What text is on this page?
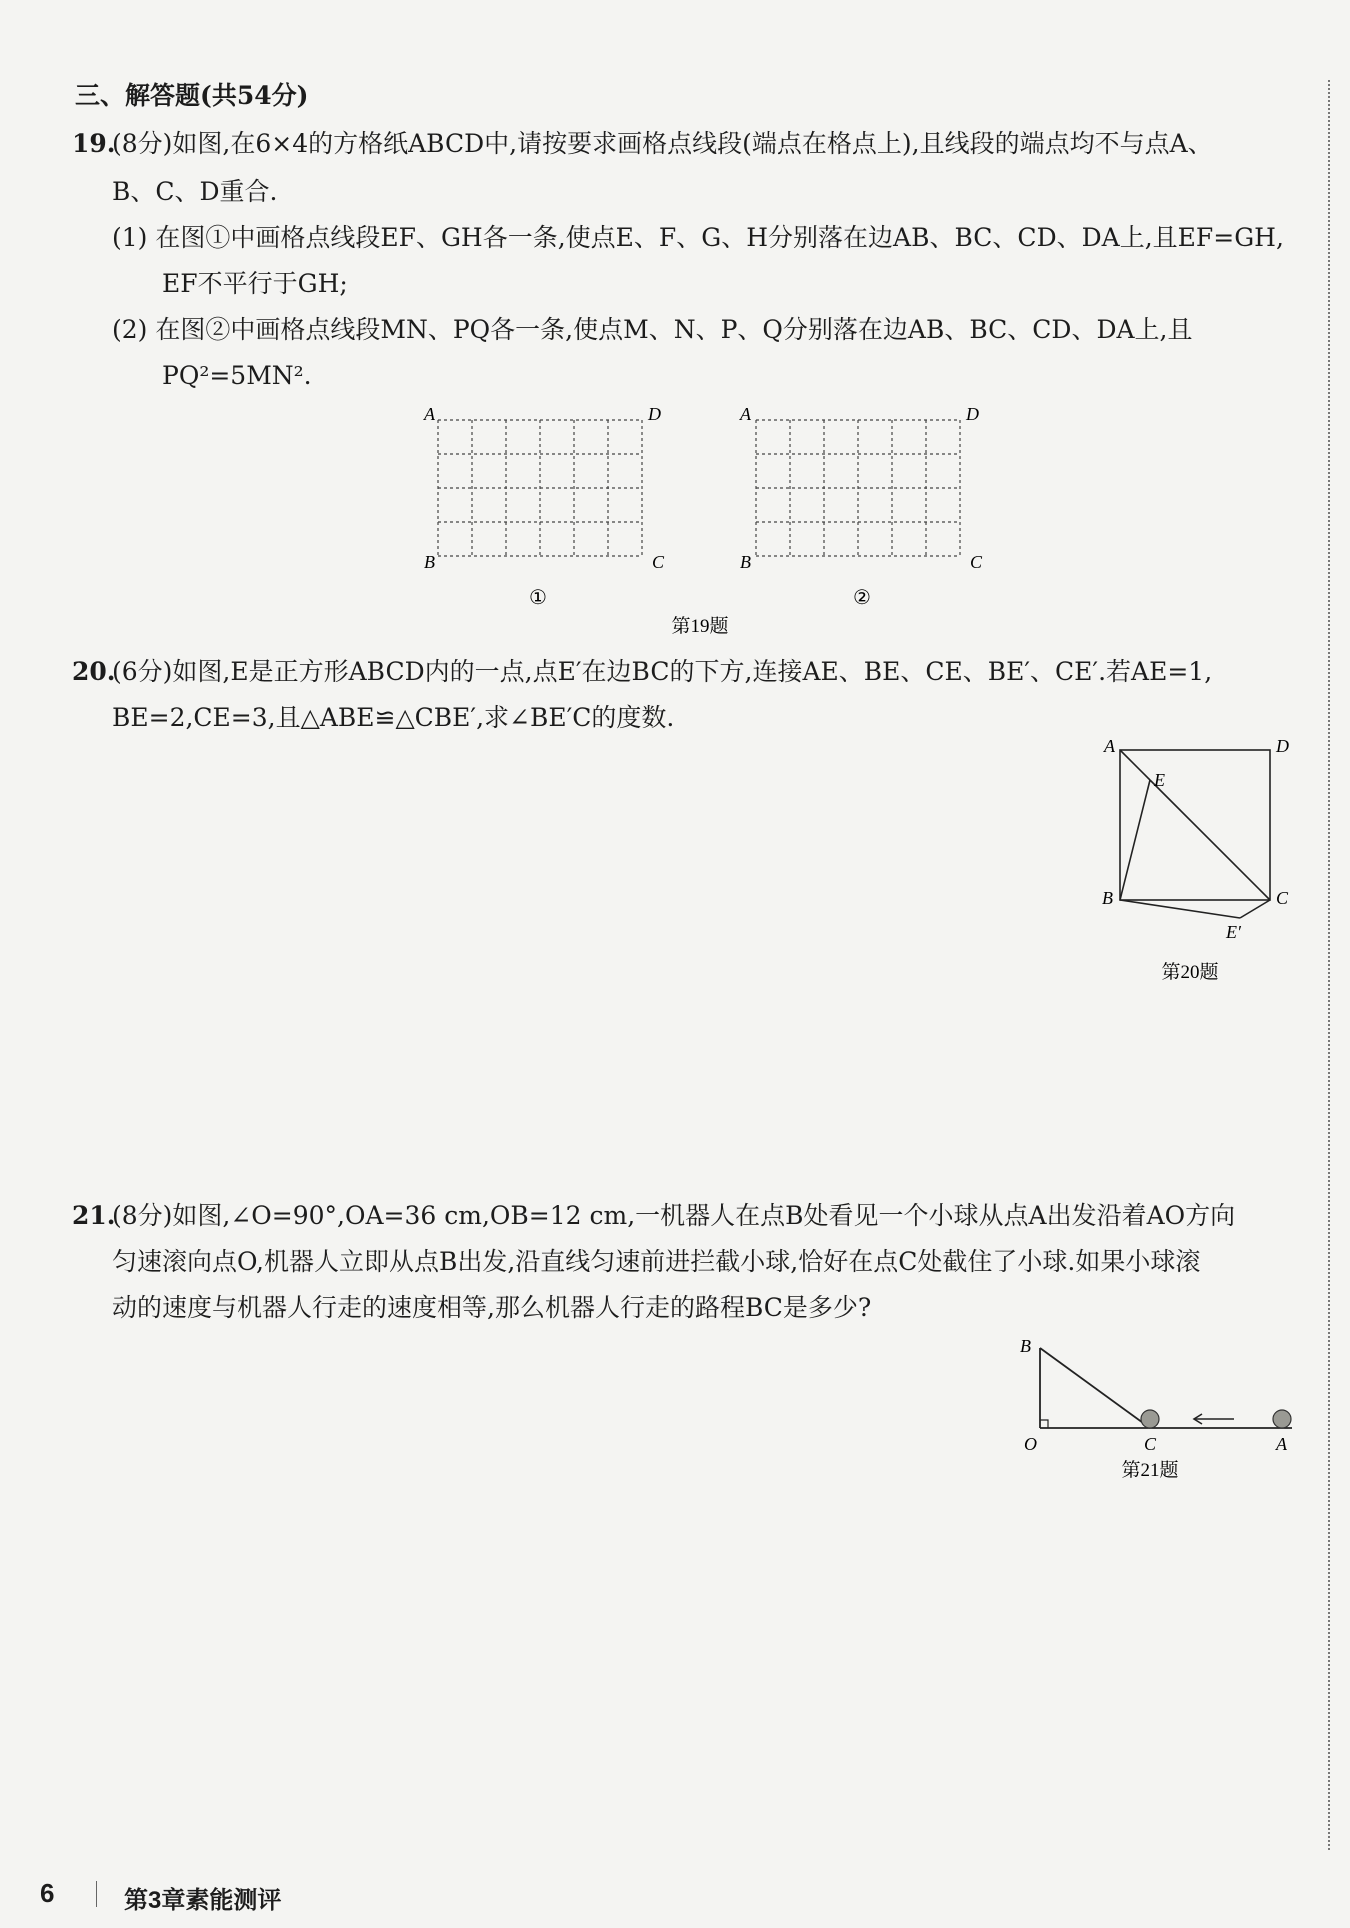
三、解答题(共54分)
19.
(8分)如图,在6×4的方格纸ABCD中,请按要求画格点线段(端点在格点上),且线段的端点均不与点A、
B、C、D重合.
(1) 在图①中画格点线段EF、GH各一条,使点E、F、G、H分别落在边AB、BC、CD、DA上,且EF=GH,
EF不平行于GH;
(2) 在图②中画格点线段MN、PQ各一条,使点M、N、P、Q分别落在边AB、BC、CD、DA上,且
PQ²=5MN².
A	D
B	C
①
A	D
B	C
②
第19题
20.
(6分)如图,E是正方形ABCD内的一点,点E′在边BC的下方,连接AE、BE、CE、BE′、CE′.若AE=1,
BE=2,CE=3,且△ABE≌△CBE′,求∠BE′C的度数.
A	D
E
B	C
E′
第20题
21.
(8分)如图,∠O=90°,OA=36 cm,OB=12 cm,一机器人在点B处看见一个小球从点A出发沿着AO方向
匀速滚向点O,机器人立即从点B出发,沿直线匀速前进拦截小球,恰好在点C处截住了小球.如果小球滚
动的速度与机器人行走的速度相等,那么机器人行走的路程BC是多少?
B
O	C	A
第21题
6	第3章素能测评
